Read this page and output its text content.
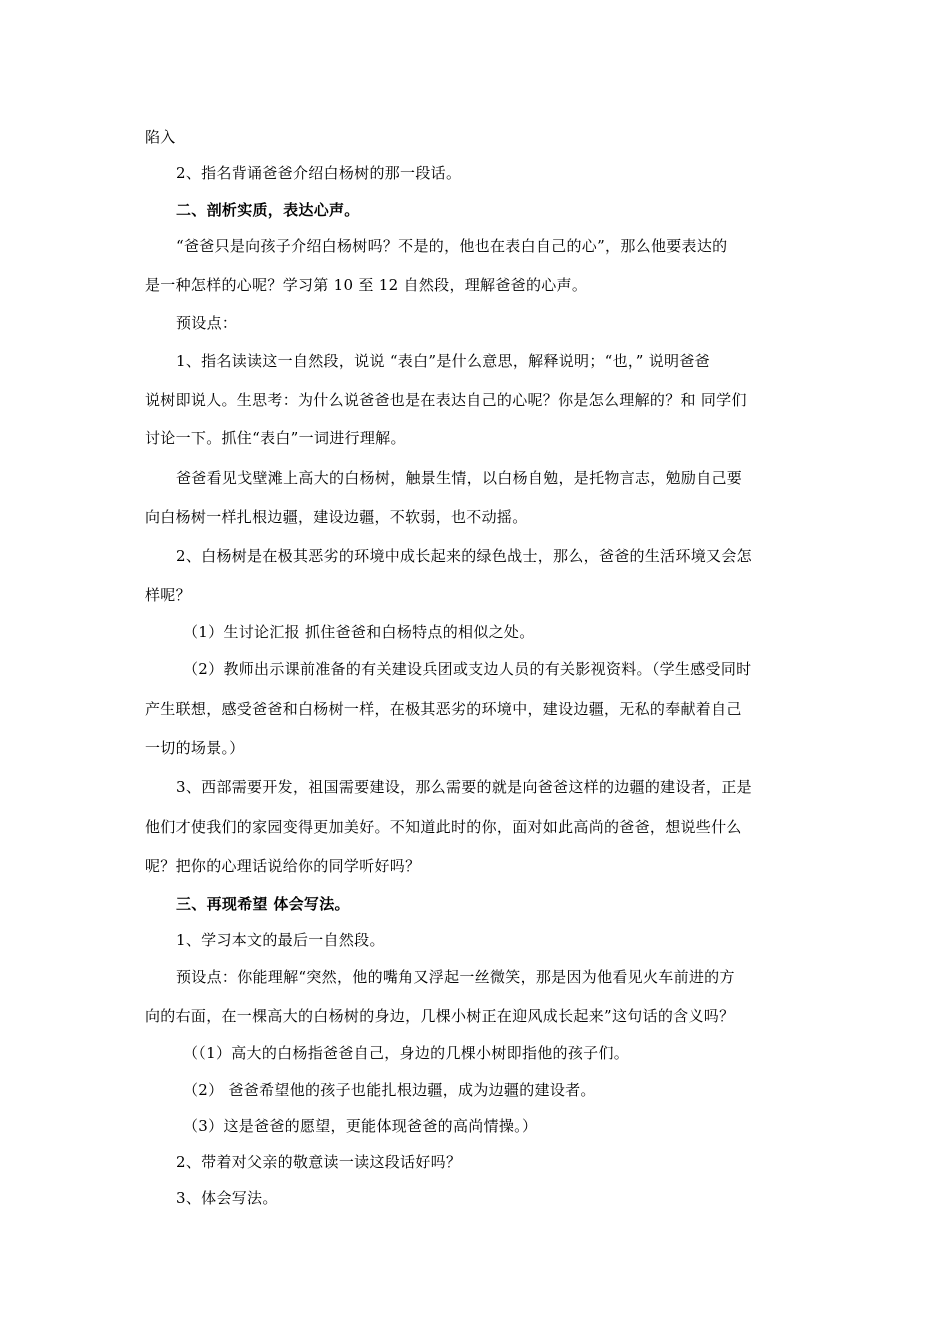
陷入
2、指名背诵爸爸介绍白杨树的那一段话。
二、剖析实质，表达心声。
“爸爸只是向孩子介绍白杨树吗？不是的，他也在表白自己的心”，那么他要表达的
是一种怎样的心呢？学习第 10 至 12 自然段，理解爸爸的心声。
预设点：
1、指名读读这一自然段，说说 “表白”是什么意思，解释说明；“也，” 说明爸爸
说树即说人。生思考：为什么说爸爸也是在表达自己的心呢？你是怎么理解的？和 同学们
讨论一下。抓住“表白”一词进行理解。
爸爸看见戈壁滩上高大的白杨树，触景生情，以白杨自勉，是托物言志，勉励自己要
向白杨树一样扎根边疆，建设边疆，不软弱，也不动摇。
2、白杨树是在极其恶劣的环境中成长起来的绿色战士，那么，爸爸的生活环境又会怎
样呢？
（1）生讨论汇报 抓住爸爸和白杨特点的相似之处。
（2）教师出示课前准备的有关建设兵团或支边人员的有关影视资料。（学生感受同时
产生联想，感受爸爸和白杨树一样，在极其恶劣的环境中，建设边疆，无私的奉献着自己
一切的场景。）
3、西部需要开发，祖国需要建设，那么需要的就是向爸爸这样的边疆的建设者，正是
他们才使我们的家园变得更加美好。不知道此时的你，面对如此高尚的爸爸，想说些什么
呢？把你的心理话说给你的同学听好吗？
三、再现希望 体会写法。
1、学习本文的最后一自然段。
预设点：你能理解“突然，他的嘴角又浮起一丝微笑，那是因为他看见火车前进的方
向的右面，在一棵高大的白杨树的身边，几棵小树正在迎风成长起来”这句话的含义吗？
（（1）高大的白杨指爸爸自己，身边的几棵小树即指他的孩子们。
（2） 爸爸希望他的孩子也能扎根边疆，成为边疆的建设者。
（3）这是爸爸的愿望，更能体现爸爸的高尚情操。）
2、带着对父亲的敬意读一读这段话好吗？
3、体会写法。
